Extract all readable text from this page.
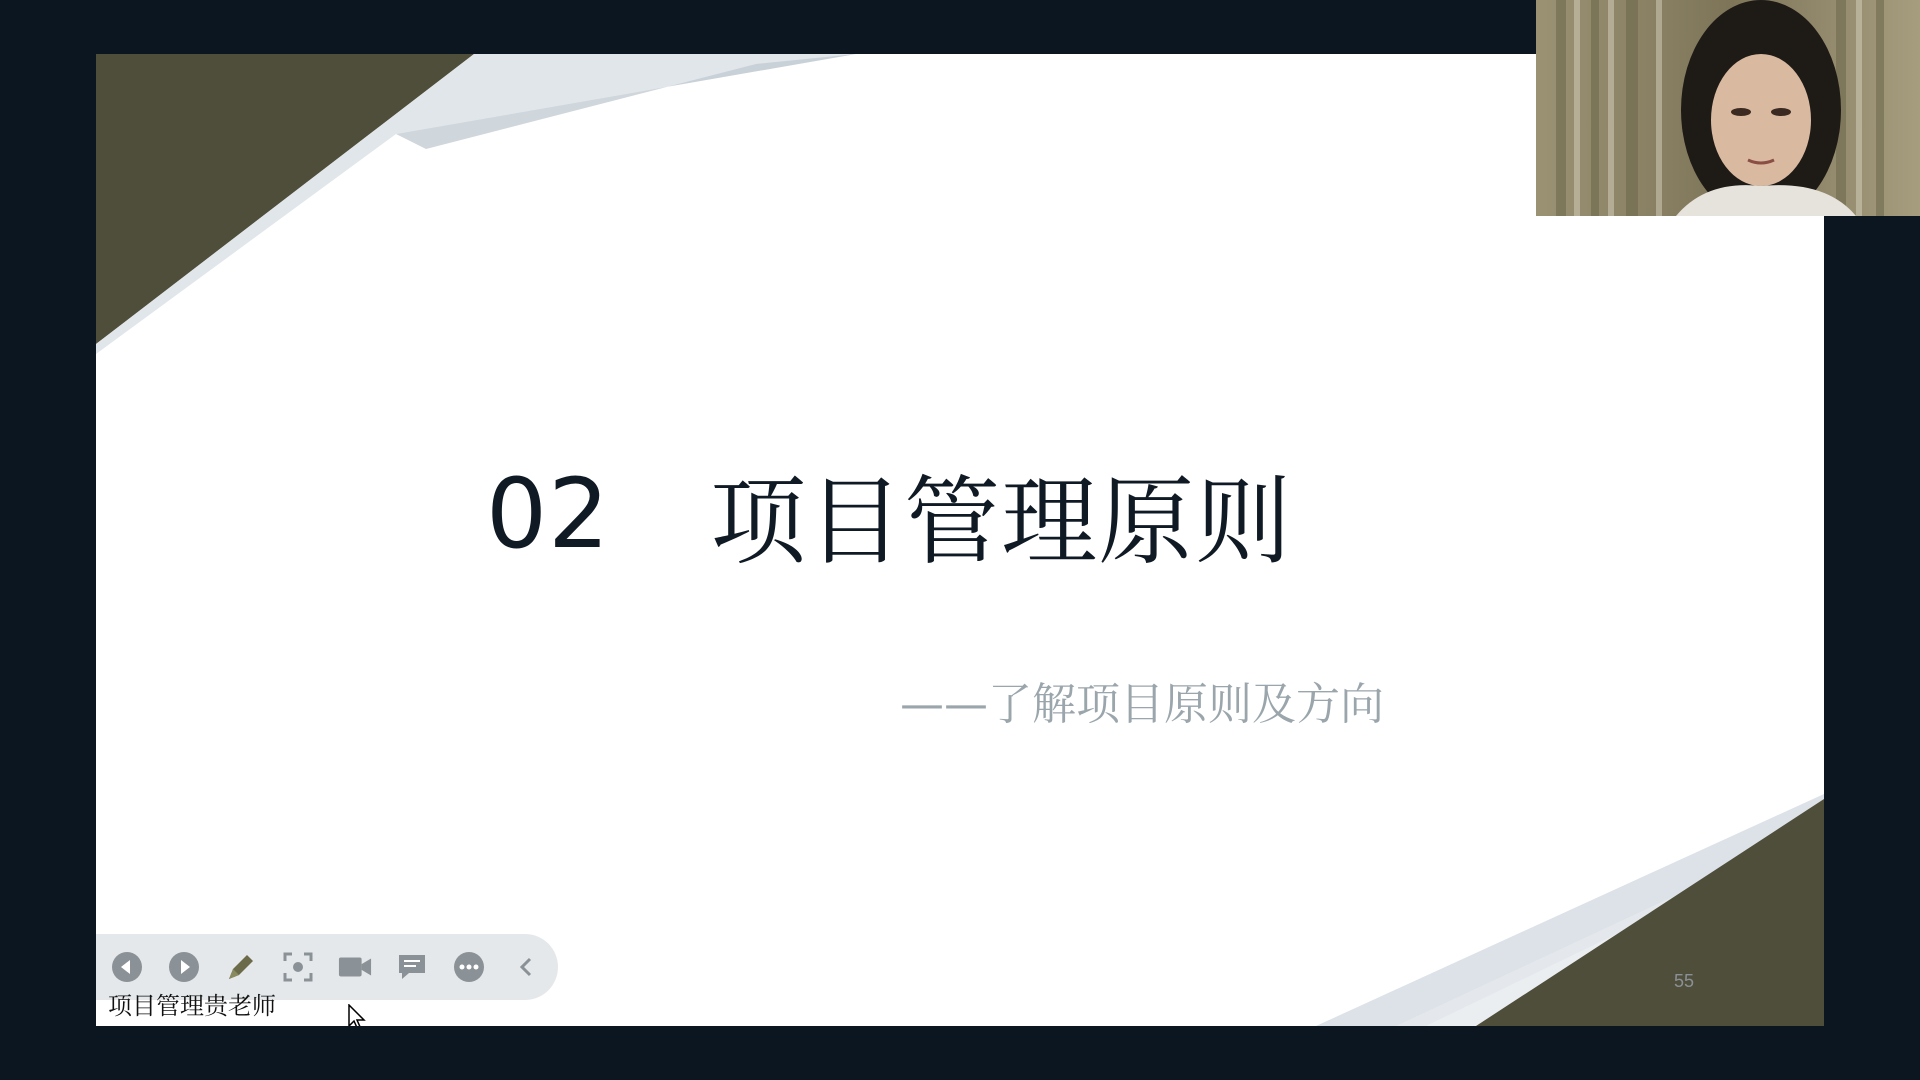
02 项目管理原则
——了解项目原则及方向
55
项目管理贵老师
